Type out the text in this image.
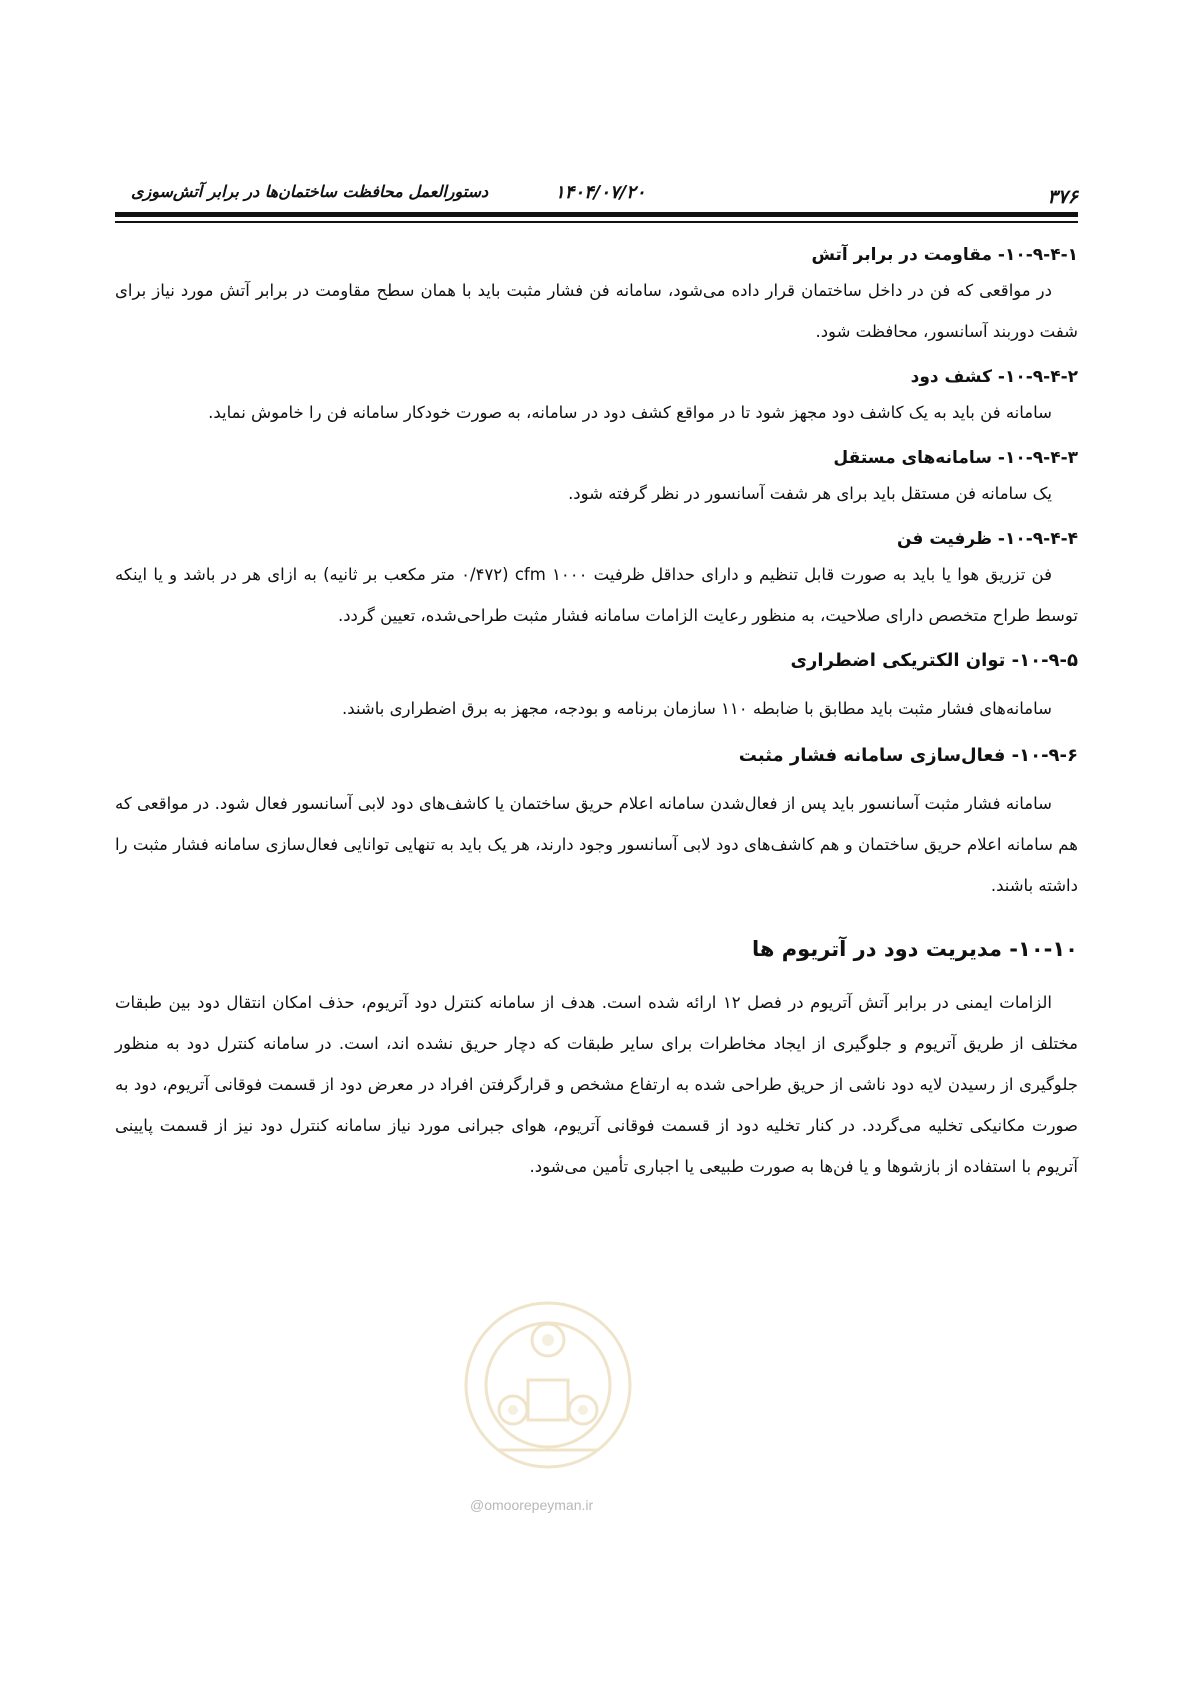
۳۷۶
۱۴۰۴/۰۷/۲۰
دستورالعمل محافظت ساختمان‌ها در برابر آتش‌سوزی
۱۰-۹-۴-۱- مقاومت در برابر آتش

در مواقعی که فن در داخل ساختمان قرار داده می‌شود، سامانه فن فشار مثبت باید با همان سطح مقاومت در برابر آتش مورد نیاز برای شفت دوربند آسانسور، محافظت شود.

۱۰-۹-۴-۲- کشف دود

سامانه فن باید به یک کاشف دود مجهز شود تا در مواقع کشف دود در سامانه، به صورت خودکار سامانه فن را خاموش نماید.

۱۰-۹-۴-۳- سامانه‌های مستقل

یک سامانه فن مستقل باید برای هر شفت آسانسور در نظر گرفته شود.

۱۰-۹-۴-۴- ظرفیت فن

فن تزریق هوا یا باید به صورت قابل تنظیم و دارای حداقل ظرفیت cfm ۱۰۰۰ (۰/۴۷۲ متر مکعب بر ثانیه) به ازای هر در باشد و یا اینکه توسط طراح متخصص دارای صلاحیت، به منظور رعایت الزامات سامانه فشار مثبت طراحی‌شده، تعیین گردد.

۱۰-۹-۵- توان الکتریکی اضطراری

سامانه‌های فشار مثبت باید مطابق با ضابطه ۱۱۰ سازمان برنامه و بودجه، مجهز به برق اضطراری باشند.

۱۰-۹-۶- فعال‌سازی سامانه فشار مثبت

سامانه فشار مثبت آسانسور باید پس از فعال‌شدن سامانه اعلام حریق ساختمان یا کاشف‌های دود لابی آسانسور فعال شود. در مواقعی که هم سامانه اعلام حریق ساختمان و هم کاشف‌های دود لابی آسانسور وجود دارند، هر یک باید به تنهایی توانایی فعال‌سازی سامانه فشار مثبت را داشته باشند.

۱۰-۱۰- مدیریت دود در آتریوم ها

الزامات ایمنی در برابر آتش آتریوم در فصل ۱۲ ارائه شده است. هدف از سامانه کنترل دود آتریوم، حذف امکان انتقال دود بین طبقات مختلف از طریق آتریوم و جلوگیری از ایجاد مخاطرات برای سایر طبقات که دچار حریق نشده اند، است. در سامانه کنترل دود به منظور جلوگیری از رسیدن لایه دود ناشی از حریق طراحی شده به ارتفاع مشخص و قرارگرفتن افراد در معرض دود از قسمت فوقانی آتریوم، دود به صورت مکانیکی تخلیه می‌گردد. در کنار تخلیه دود از قسمت فوقانی آتریوم، هوای جبرانی مورد نیاز سامانه کنترل دود نیز از قسمت پایینی آتریوم با استفاده از بازشوها و یا فن‌ها به صورت طبیعی یا اجباری تأمین می‌شود.

@omoorepeyman.ir
